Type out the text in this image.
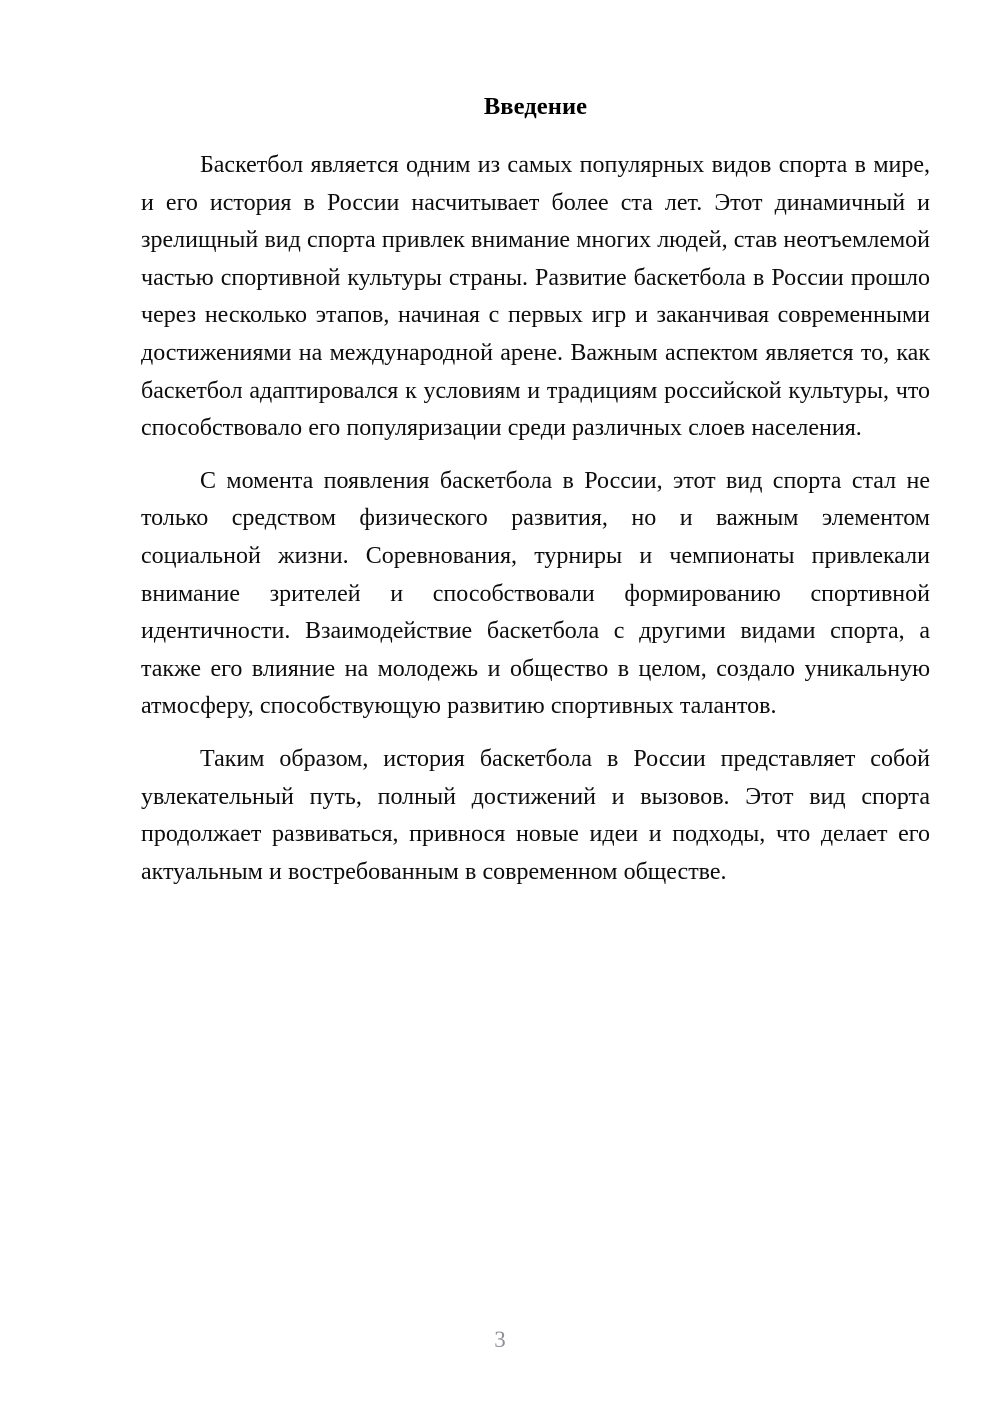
Введение

Баскетбол является одним из самых популярных видов спорта в мире, и его история в России насчитывает более ста лет. Этот динамичный и зрелищный вид спорта привлек внимание многих людей, став неотъемлемой частью спортивной культуры страны. Развитие баскетбола в России прошло через несколько этапов, начиная с первых игр и заканчивая современными достижениями на международной арене. Важным аспектом является то, как баскетбол адаптировался к условиям и традициям российской культуры, что способствовало его популяризации среди различных слоев населения.

С момента появления баскетбола в России, этот вид спорта стал не только средством физического развития, но и важным элементом социальной жизни. Соревнования, турниры и чемпионаты привлекали внимание зрителей и способствовали формированию спортивной идентичности. Взаимодействие баскетбола с другими видами спорта, а также его влияние на молодежь и общество в целом, создало уникальную атмосферу, способствующую развитию спортивных талантов.

Таким образом, история баскетбола в России представляет собой увлекательный путь, полный достижений и вызовов. Этот вид спорта продолжает развиваться, привнося новые идеи и подходы, что делает его актуальным и востребованным в современном обществе.

3
